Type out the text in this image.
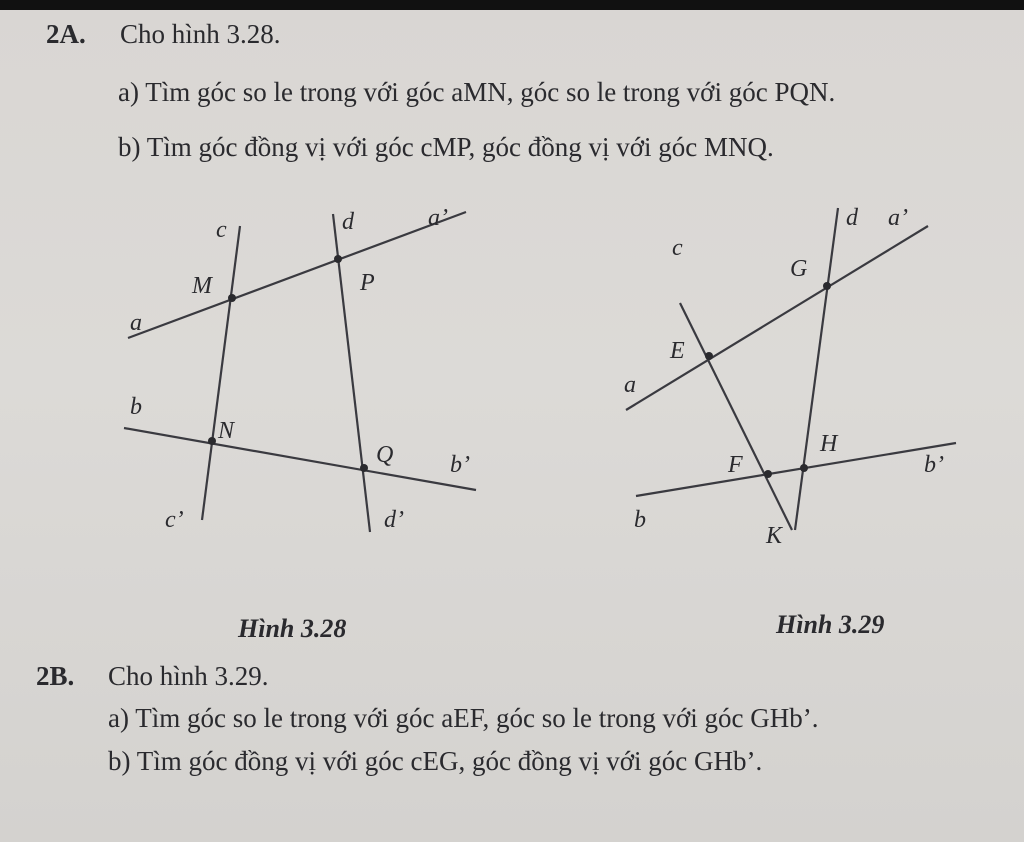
2A. Cho hình 3.28.
a) Tìm góc so le trong với góc aMN, góc so le trong với góc PQN.
b) Tìm góc đồng vị với góc cMP, góc đồng vị với góc MNQ.
c	d	a’
M	P
a
b
N
Q b’
c’	d’
d a’
c
G
E
a
H
F	b’
b
K
Hình 3.28	Hình 3.29
2B. Cho hình 3.29.
a) Tìm góc so le trong với góc aEF, góc so le trong với góc GHb’.
b) Tìm góc đồng vị với góc cEG, góc đồng vị với góc GHb’.
